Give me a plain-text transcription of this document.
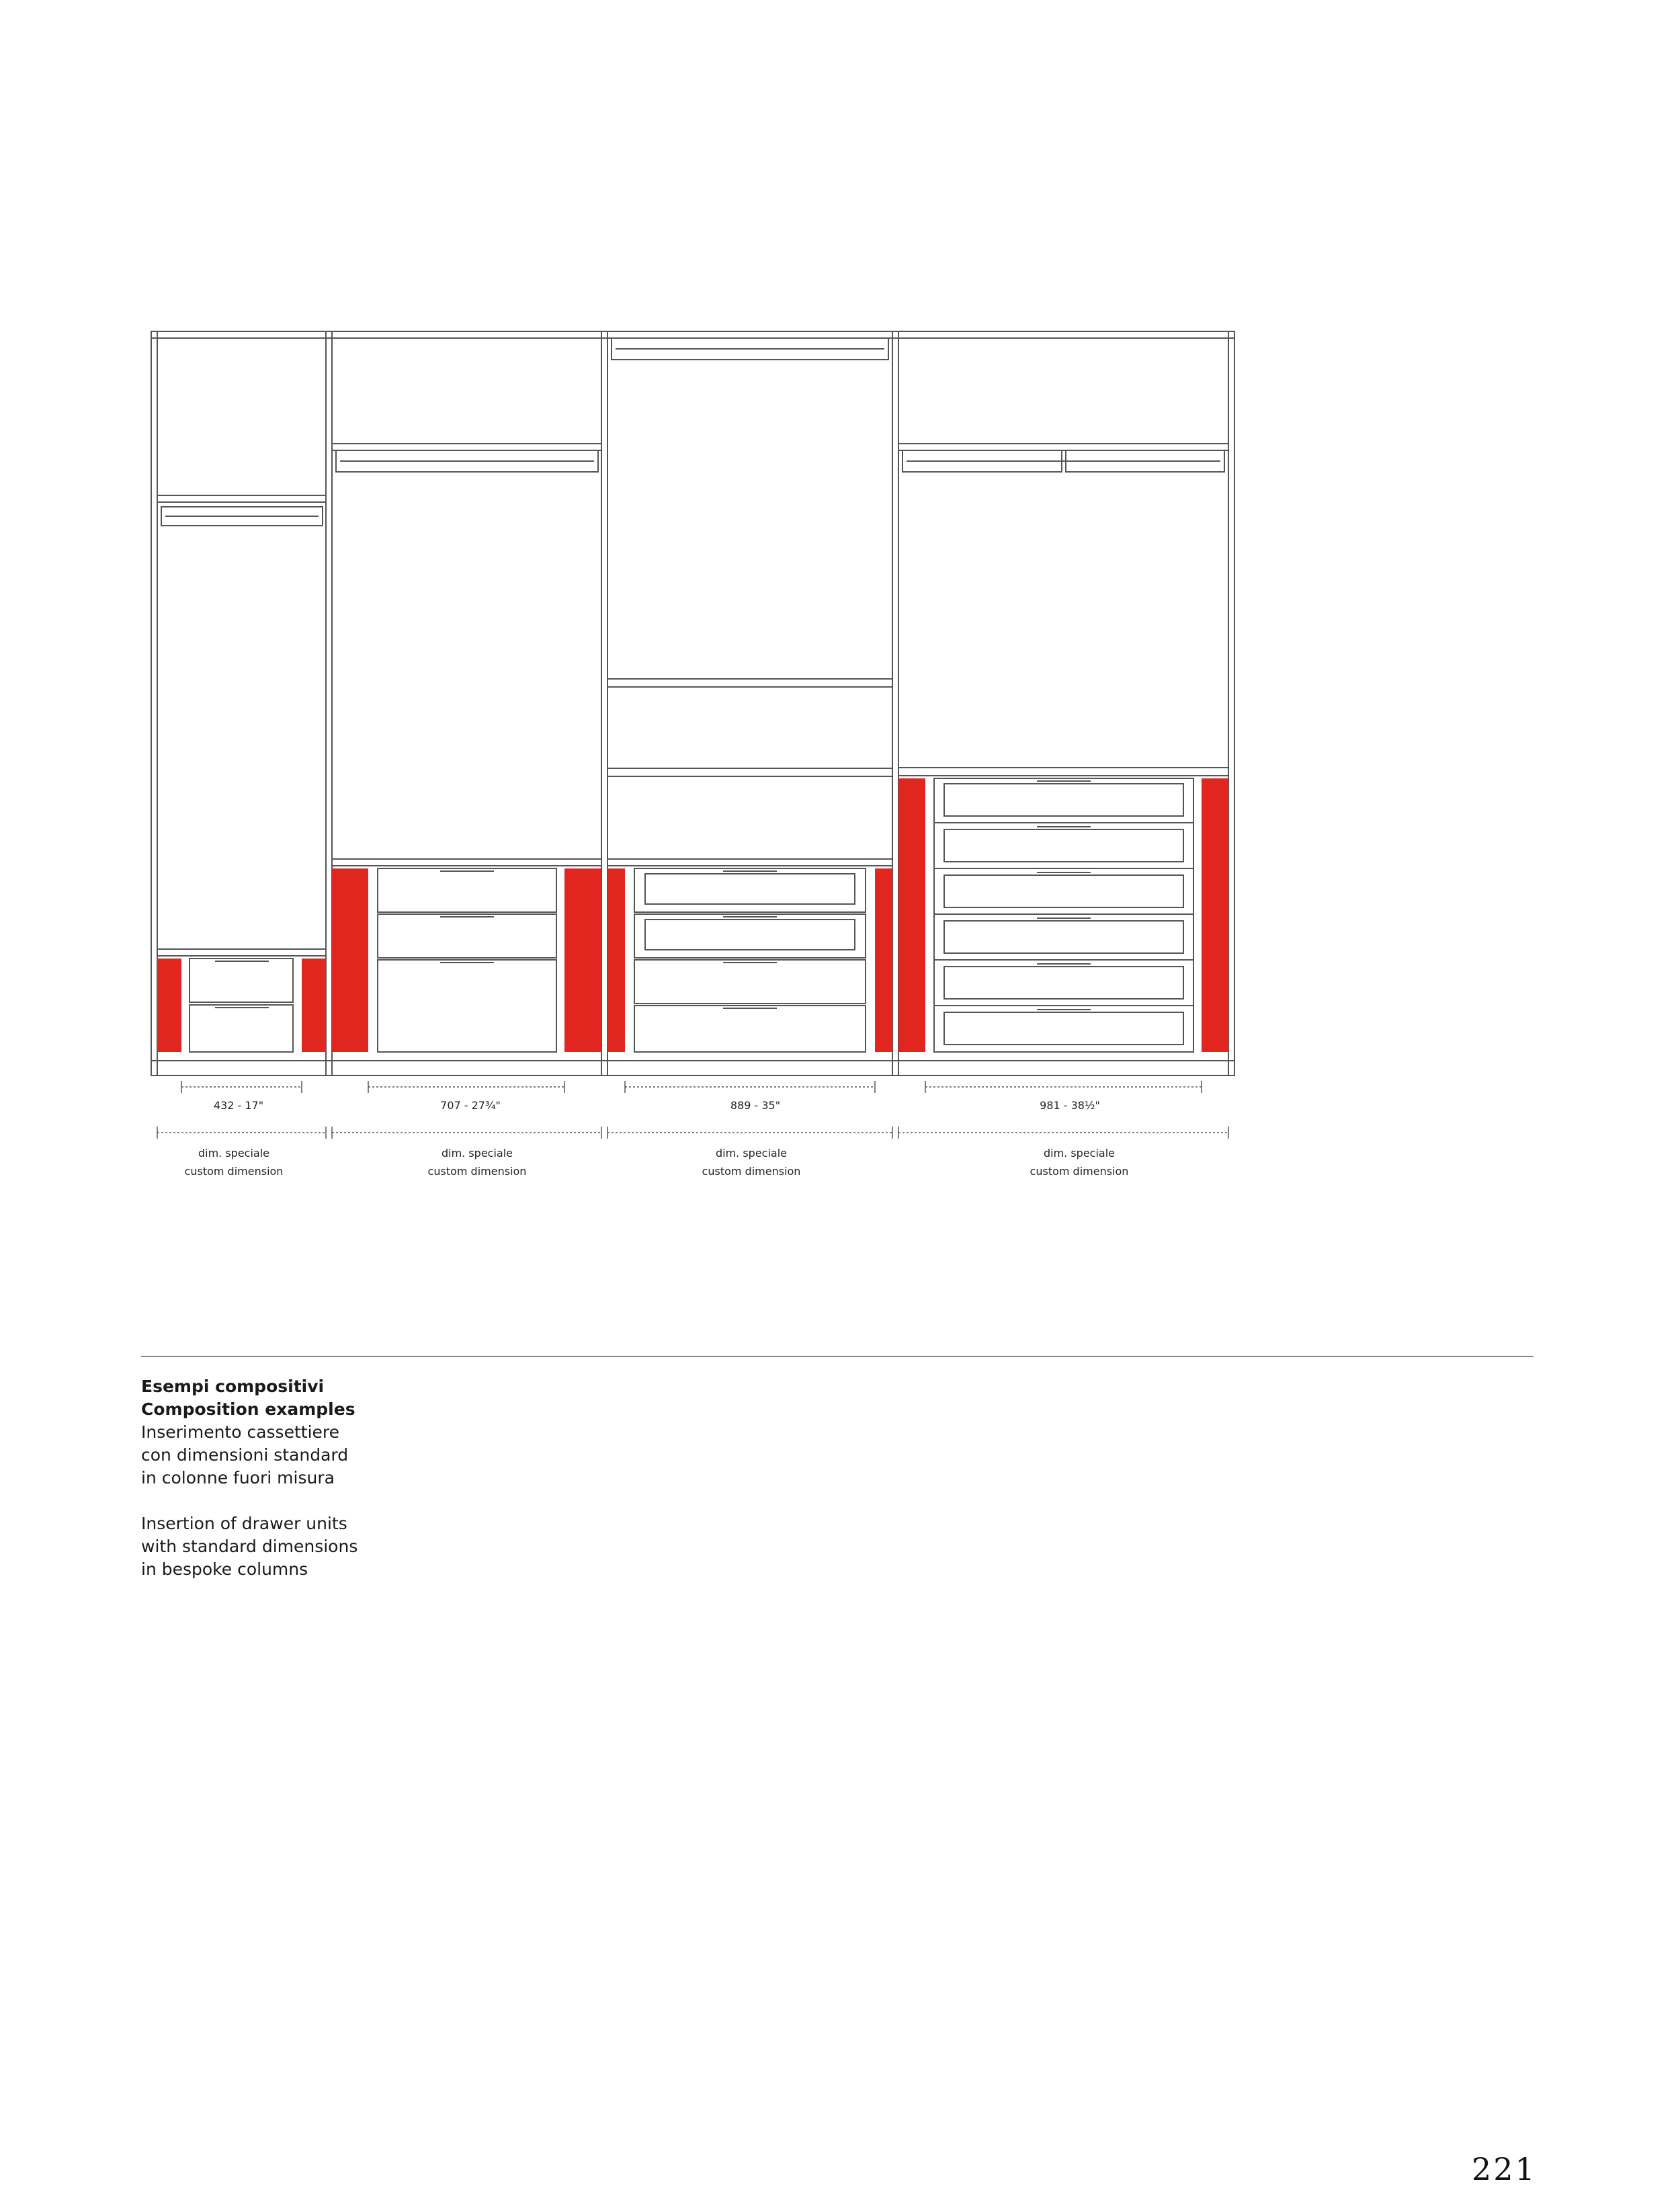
432 - 17"	707 - 27¾"	889 - 35"	981 - 38½"
dim. speciale
custom dimension
dim. speciale
custom dimension
dim. speciale
custom dimension
dim. speciale
custom dimension

Esempi compositivi

Composition examples

Inserimento cassettiere

con dimensioni standard

in colonne fuori misura

Insertion of drawer units

with standard dimensions

in bespoke columns

221
